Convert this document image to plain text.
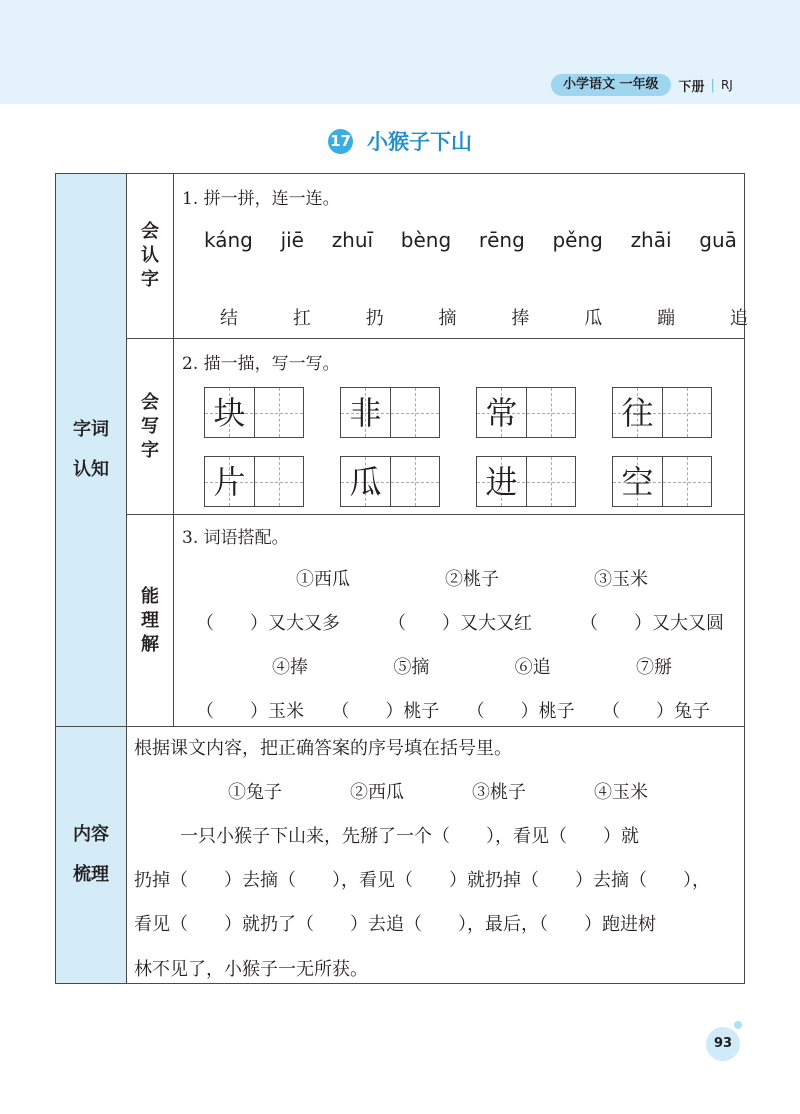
小学语文 一年级	下册 | RJ
17 小猴子下山
字词
认知
内容
梳理
会认字
会写字
能理解
1. 拼一拼，连一连。
káng jiē zhuī bèng rēng pěng zhāi guā
结	扛	扔	摘	捧	瓜	蹦	追
2. 描一描，写一写。
块	非	常	往
片	瓜	进	空
3. 词语搭配。
①西瓜	②桃子	③玉米
（　　）又大又多	（　　）又大又红	（　　）又大又圆
④捧	⑤摘	⑥追	⑦掰
（　　）玉米 （　　）桃子 （　　）桃子 （　　）兔子
根据课文内容，把正确答案的序号填在括号里。
①兔子	②西瓜	③桃子	④玉米
一只小猴子下山来，先掰了一个（　　），看见（　　）就
扔掉（　　）去摘（　　），看见（　　）就扔掉（　　）去摘（　　），
看见（　　）就扔了（　　）去追（　　），最后，（　　）跑进树
林不见了，小猴子一无所获。
93
